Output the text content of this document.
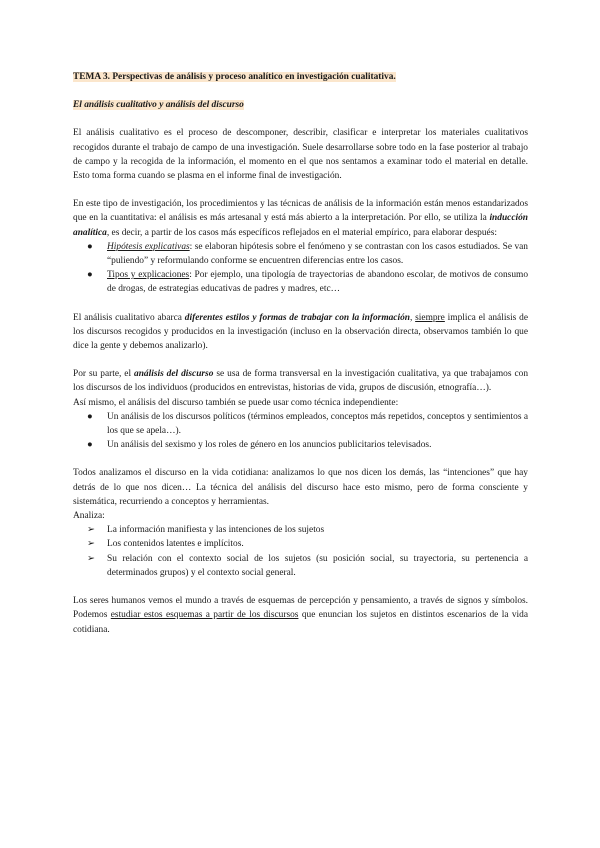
TEMA 3. Perspectivas de análisis y proceso analítico en investigación cualitativa.
El análisis cualitativo y análisis del discurso

El análisis cualitativo es el proceso de descomponer, describir, clasificar e interpretar los materiales cualitativos recogidos durante el trabajo de campo de una investigación. Suele desarrollarse sobre todo en la fase posterior al trabajo de campo y la recogida de la información, el momento en el que nos sentamos a examinar todo el material en detalle. Esto toma forma cuando se plasma en el informe final de investigación.

En este tipo de investigación, los procedimientos y las técnicas de análisis de la información están menos estandarizados que en la cuantitativa: el análisis es más artesanal y está más abierto a la interpretación. Por ello, se utiliza la inducción analítica, es decir, a partir de los casos más específicos reflejados en el material empírico, para elaborar después:

● Hipótesis explicativas: se elaboran hipótesis sobre el fenómeno y se contrastan con los casos estudiados. Se van “puliendo” y reformulando conforme se encuentren diferencias entre los casos.
● Tipos y explicaciones: Por ejemplo, una tipología de trayectorias de abandono escolar, de motivos de consumo de drogas, de estrategias educativas de padres y madres, etc…

El análisis cualitativo abarca diferentes estilos y formas de trabajar con la información, siempre implica el análisis de los discursos recogidos y producidos en la investigación (incluso en la observación directa, observamos también lo que dice la gente y debemos analizarlo).

Por su parte, el análisis del discurso se usa de forma transversal en la investigación cualitativa, ya que trabajamos con los discursos de los individuos (producidos en entrevistas, historias de vida, grupos de discusión, etnografía…).

Así mismo, el análisis del discurso también se puede usar como técnica independiente:

● Un análisis de los discursos políticos (términos empleados, conceptos más repetidos, conceptos y sentimientos a los que se apela…).
● Un análisis del sexismo y los roles de género en los anuncios publicitarios televisados.

Todos analizamos el discurso en la vida cotidiana: analizamos lo que nos dicen los demás, las “intenciones” que hay detrás de lo que nos dicen… La técnica del análisis del discurso hace esto mismo, pero de forma consciente y sistemática, recurriendo a conceptos y herramientas.

Analiza:

➢ La información manifiesta y las intenciones de los sujetos
➢ Los contenidos latentes e implícitos.
➢ Su relación con el contexto social de los sujetos (su posición social, su trayectoria, su pertenencia a determinados grupos) y el contexto social general.

Los seres humanos vemos el mundo a través de esquemas de percepción y pensamiento, a través de signos y símbolos. Podemos estudiar estos esquemas a partir de los discursos que enuncian los sujetos en distintos escenarios de la vida cotidiana.
